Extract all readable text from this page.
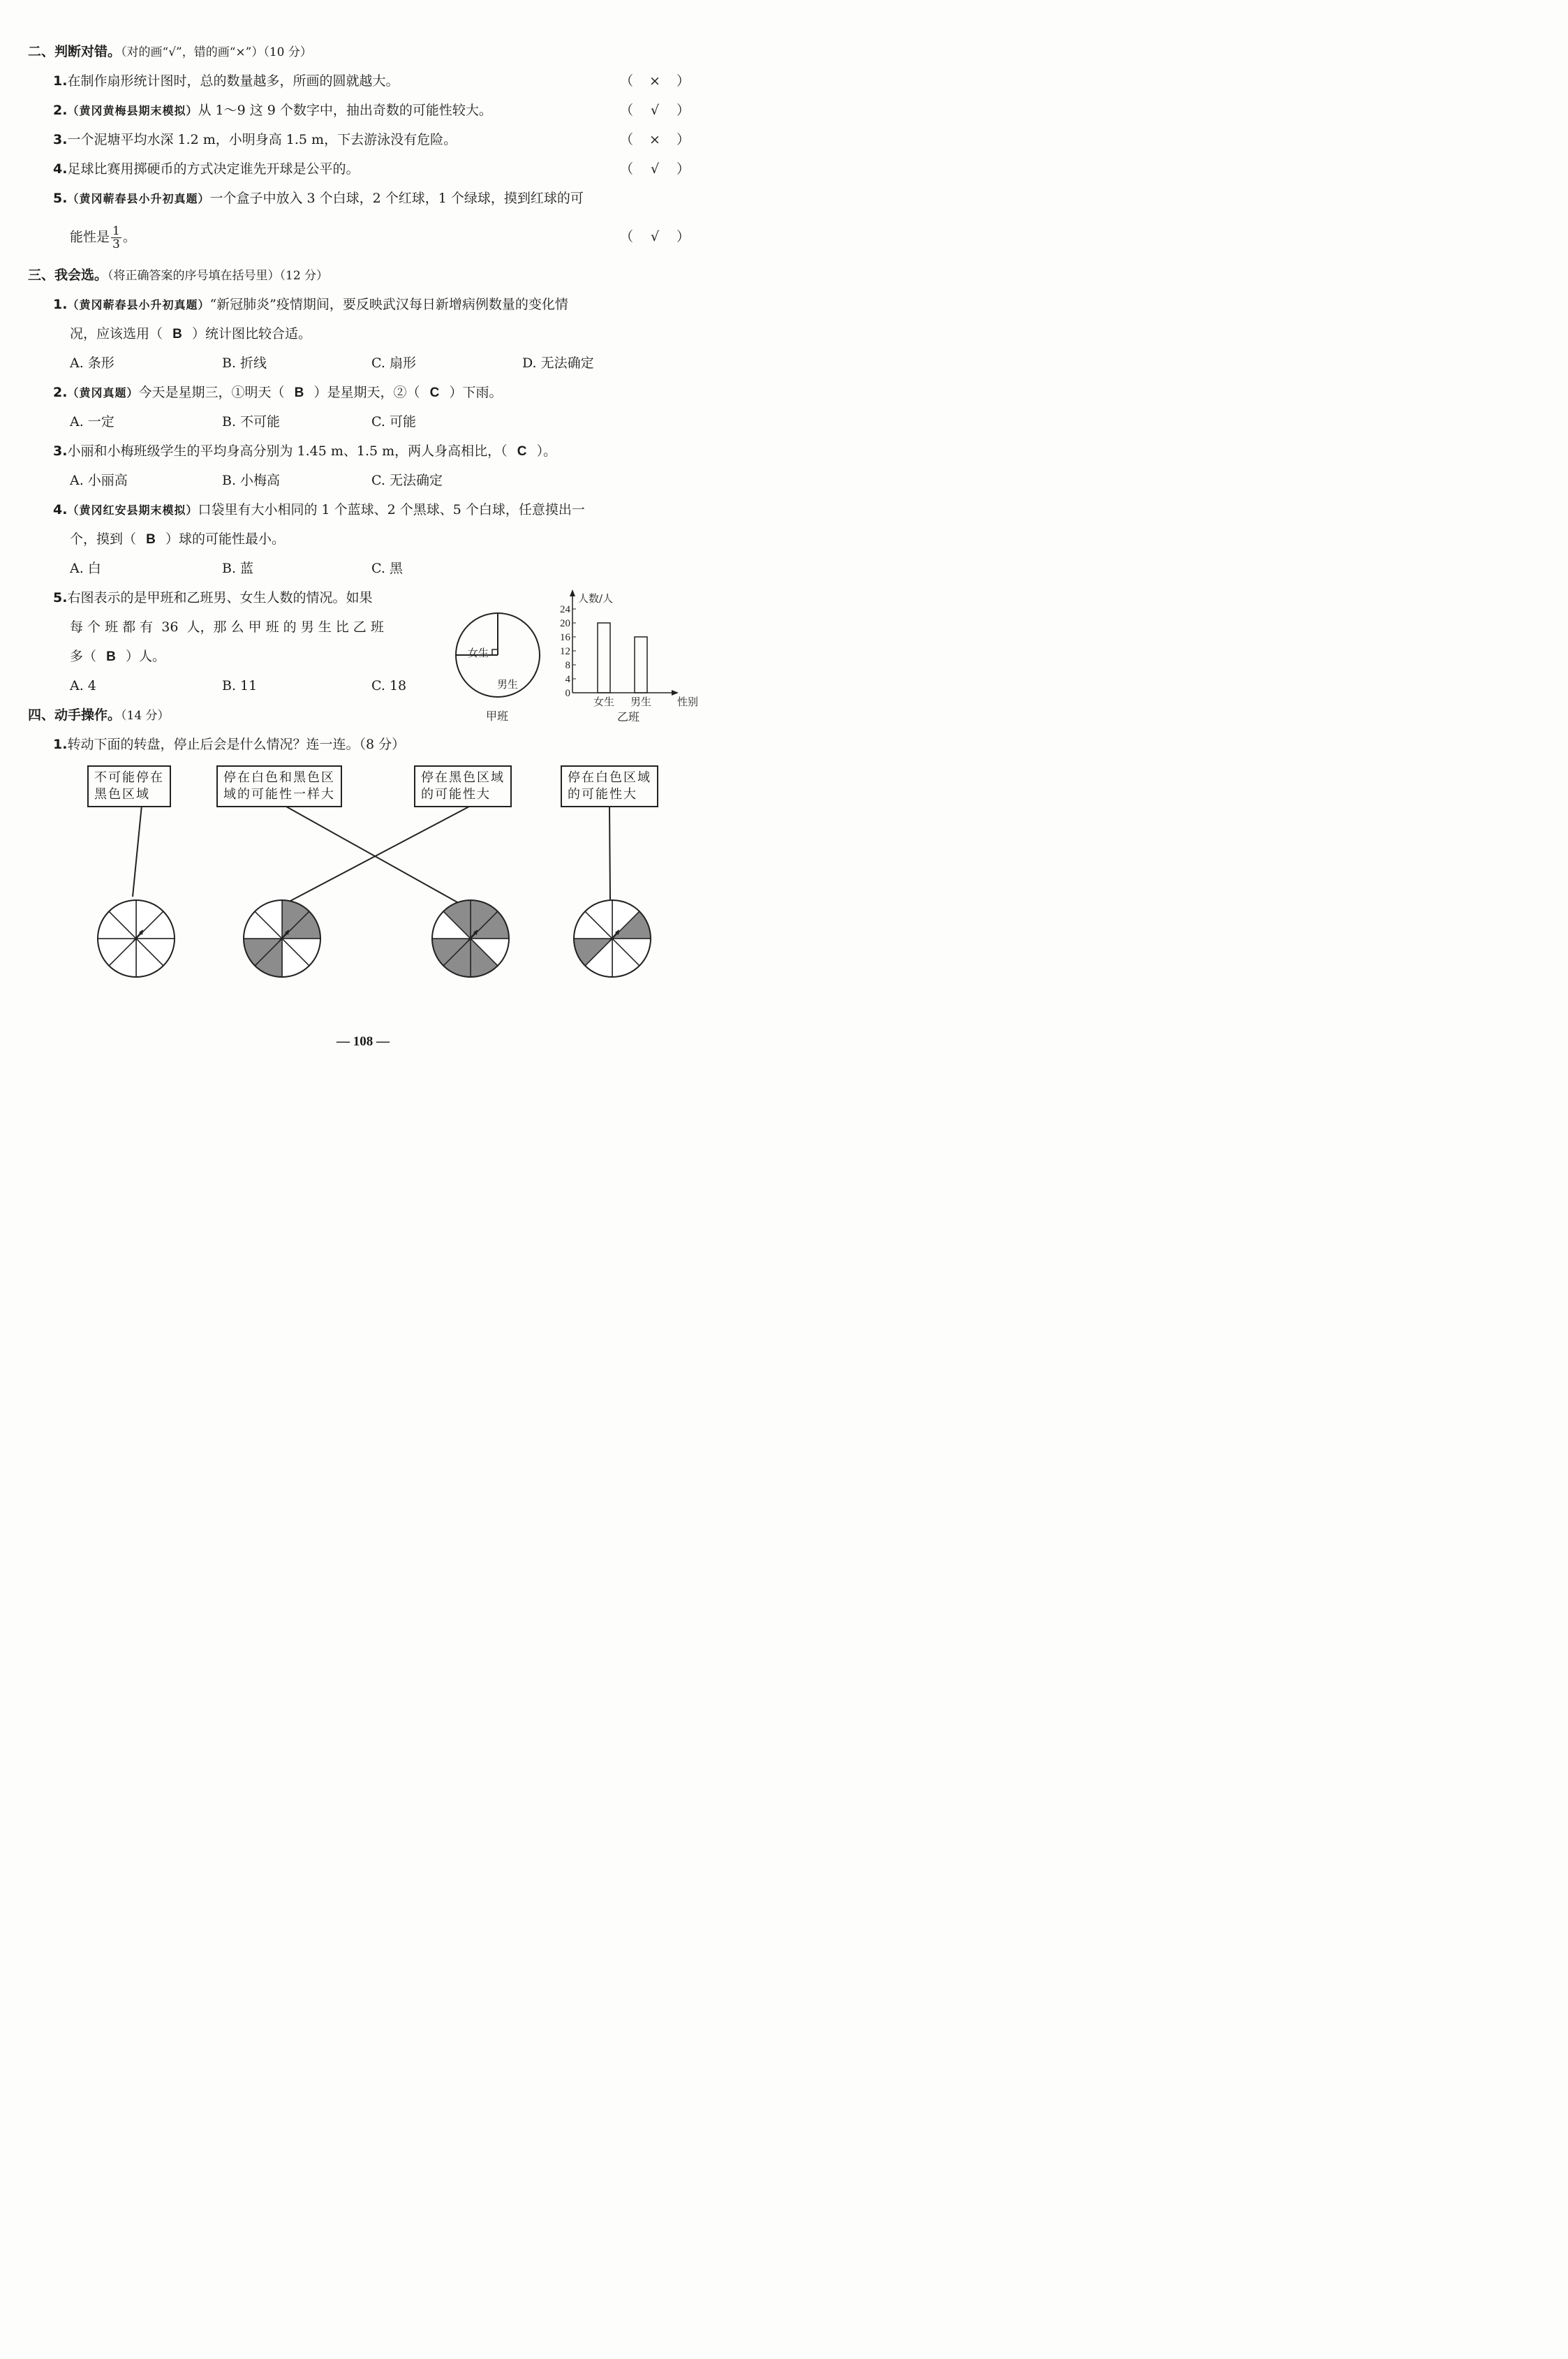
二、判断对错。（对的画“√”，错的画“×”）（10 分）
1.在制作扇形统计图时，总的数量越多，所画的圆就越大。	（ × ）
2.（黄冈黄梅县期末模拟）从 1～9 这 9 个数字中，抽出奇数的可能性较大。	（ √ ）
3.一个泥塘平均水深 1.2 m，小明身高 1.5 m，下去游泳没有危险。	（ × ）
4.足球比赛用掷硬币的方式决定谁先开球是公平的。	（ √ ）
5.（黄冈蕲春县小升初真题）一个盒子中放入 3 个白球，2 个红球，1 个绿球，摸到红球的可
能性是 $\frac{1}{3}$ 。	（ √ ）
三、我会选。（将正确答案的序号填在括号里）（12 分）
1.（黄冈蕲春县小升初真题）“新冠肺炎”疫情期间，要反映武汉每日新增病例数量的变化情
况，应该选用（ B ）统计图比较合适。
A. 条形	B. 折线	C. 扇形	D. 无法确定
2.（黄冈真题）今天是星期三，①明天（ B ）是星期天，②（ C ）下雨。
A. 一定	B. 不可能	C. 可能
3.小丽和小梅班级学生的平均身高分别为 1.45 m、1.5 m，两人身高相比，（ C ）。
A. 小丽高	B. 小梅高	C. 无法确定
4.（黄冈红安县期末模拟）口袋里有大小相同的 1 个蓝球、2 个黑球、5 个白球，任意摸出一
个，摸到（ B ）球的可能性最小。
A. 白	B. 蓝	C. 黑
5.右图表示的是甲班和乙班男、女生人数的情况。如果
每 个 班 都 有  36  人，那 么 甲 班 的 男 生 比 乙 班
多（ B ）人。
A. 4	B. 11	C. 18
女生
男生
甲班
0
4
8
12
16
20
24
人数/人
女生 男生 性别
乙班
四、动手操作。（14 分）
1.转动下面的转盘，停止后会是什么情况？连一连。（8 分）
不可能停在
黑色区域
停在白色和黑色区
域的可能性一样大
停在黑色区域
的可能性大
停在白色区域
的可能性大
— 108 —
